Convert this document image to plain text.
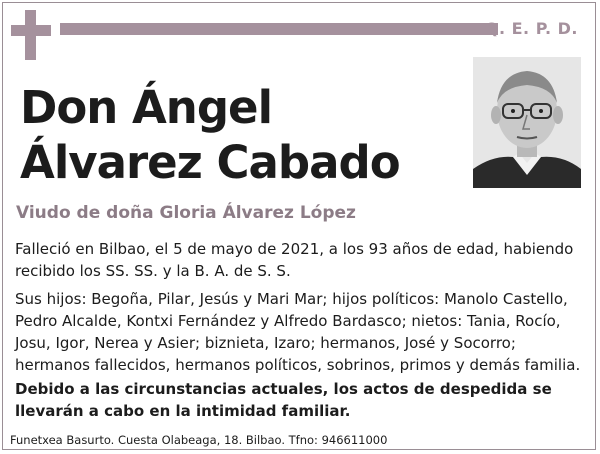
Q. E. P. D.
Don Ángel
Álvarez Cabado
Viudo de doña Gloria Álvarez López
Falleció en Bilbao, el 5 de mayo de 2021, a los 93 años de edad, habiendo recibido los SS. SS. y la B. A. de S. S.
Sus hijos: Begoña, Pilar, Jesús y Mari Mar; hijos políticos: Manolo Castello, Pedro Alcalde, Kontxi Fernández y Alfredo Bardasco; nietos: Tania, Rocío, Josu, Igor, Nerea y Asier; biznieta, Izaro; hermanos, José y Socorro; hermanos fallecidos, hermanos políticos, sobrinos, primos y demás familia.
Debido a las circunstancias actuales, los actos de despedida se llevarán a cabo en la intimidad familiar.
Funetxea Basurto. Cuesta Olabeaga, 18. Bilbao. Tfno: 946611000
